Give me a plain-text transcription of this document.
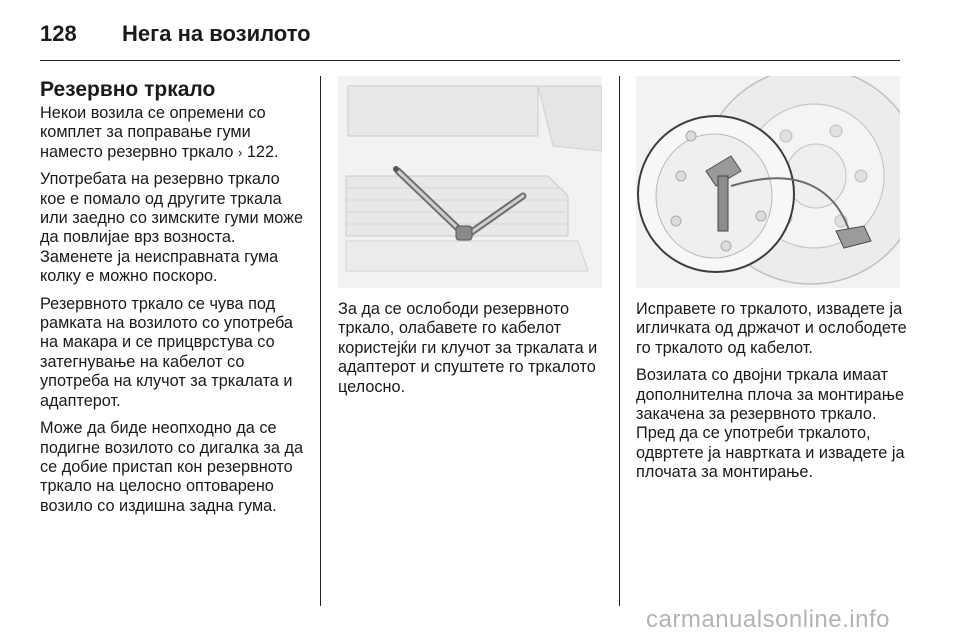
128	Нега на возилото
Резервно тркало

Некои возила се опремени со комплет за поправање гуми наместо резервно тркало › 122.

Употребата на резервно тркало кое е помало од другите тркала или заедно со зимските гуми може да повлијае врз возноста. Заменете ја неисправната гума колку е можно поскоро.

Резервното тркало се чува под рамката на возилото со употреба на макара и се прицврстува со затегнување на кабелот со употреба на клучот за тркалата и адаптерот.

Може да биде неопходно да се подигне возилото со дигалка за да се добие пристап кон резервното тркало на целосно оптоварено возило со издишна задна гума.

За да се ослободи резервното тркало, олабавете го кабелот користејќи ги клучот за тркалата и адаптерот и спуштете го тркалото целосно.

Исправете го тркалото, извадете ја игличката од држачот и ослободете го тркалото од кабелот.

Возилата со двојни тркала имаат дополнителна плоча за монтирање закачена за резервното тркало. Пред да се употреби тркалото, одвртете ја навртката и извадете ја плочата за монтирање.

carmanualsonline.info
